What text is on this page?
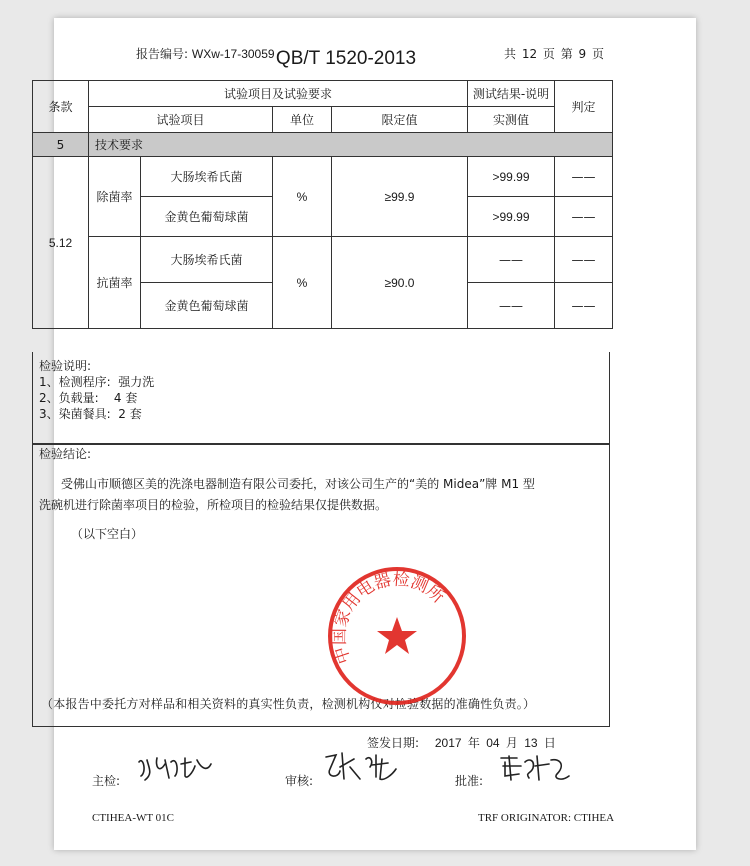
报告编号: WXw-17-30059	共 12 页 第 9 页
QB/T 1520-2013
条款	试验项目及试验要求				测试结果-说明	判定
	试验项目		单位	限定值	实测值	
5	技术要求					
5.12	除菌率	大肠埃希氏菌	%	≥99.9	>99.99	——
		金黄色葡萄球菌			>99.99	——
	抗菌率	大肠埃希氏菌	%	≥90.0	——	——
		金黄色葡萄球菌			——	——
检验说明:
1、检测程序:  强力洗
2、负载量:    4 套
3、染菌餐具:  2 套
检验结论:
受佛山市顺德区美的洗涤电器制造有限公司委托，对该公司生产的“美的 Midea”牌 M1 型
洗碗机进行除菌率项目的检验，所检项目的检验结果仅提供数据。
（以下空白）
（本报告中委托方对样品和相关资料的真实性负责，检测机构仅对检验数据的准确性负责。）
中国家用电器检测所
签发日期: 2017 年 04 月 13 日
主检:	审核:	批准:
CTIHEA-WT 01C	TRF ORIGINATOR: CTIHEA
